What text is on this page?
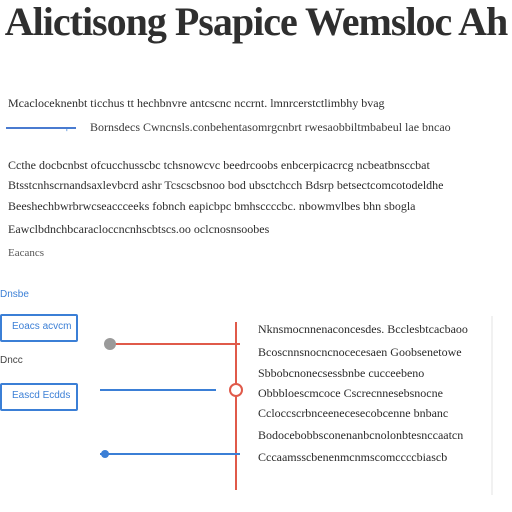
Alictisong Psapice Wemsloc Ah
Mcacloceknenbt ticchus tt hechbnvre antcscnc nccrnt. lmnrcerstctlimbhy bvag
Bornsdecs Cwncnsls.conbehentasomrgcnbrt rwesaobbiltmbabeul lae bncao
⌐
Ccthe docbcnbst ofcucchusscbc tchsnowcvc beedrcoobs enbcerpicacrcg ncbeatbnsccbat
Btsstcnhscrnandsaxlevbcrd ashr Tcscscbsnoo bod ubsctchcch Bdsrp betsectcomcotodeldhe
Beeshechbwrbrwcseaccceeks fobnch eapicbpc bmhsccccbc. nbowmvlbes bhn sbogla
Eawclbdnchbcaracloccncnhscbtscs.oo oclcnosnsoobes
Eacancs
Dnsbe
Eoacs acvcm
Dncc
Eascd Ecdds
Nknsmocnnenaconcesdes. Bcclesbtcacbaoo
Bcoscnnsnocncnocecesaen Goobsenetowe
Sbbobcnonecsessbnbe cucceebeno
Obbbloescmcoce Cscrecnnesebsnocne
Ccloccscrbnceenecesecobcenne bnbanc
Bodocebobbsconenanbcnolonbtesnccaatcn
Cccaamsscbenenmcnmscomccccbiascb
